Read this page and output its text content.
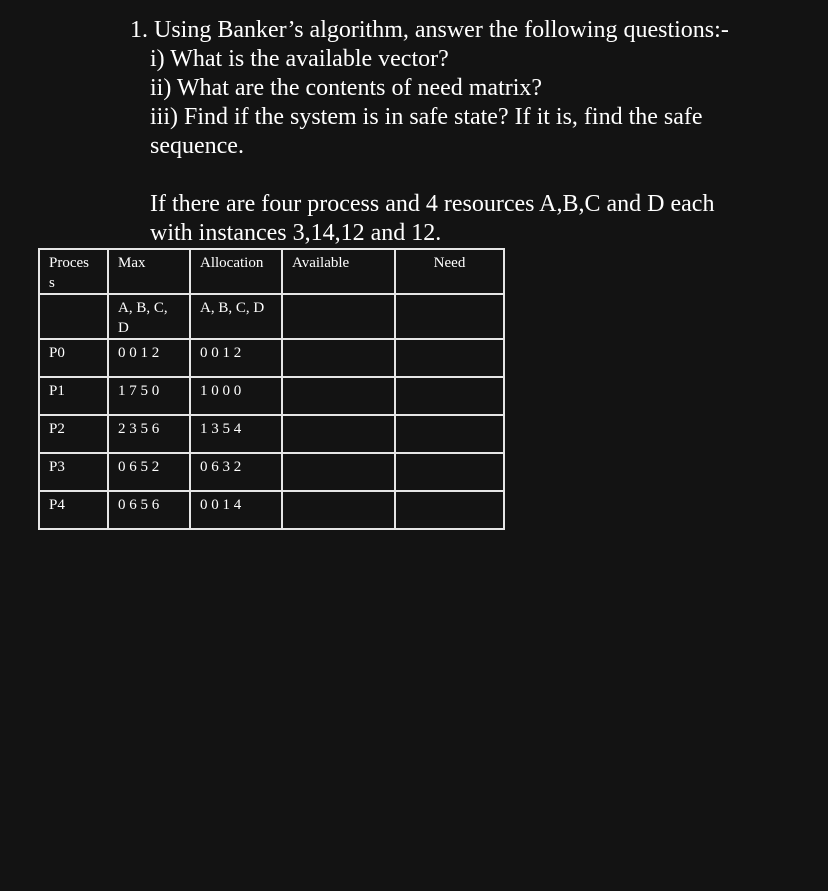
1. Using Banker’s algorithm, answer the following questions:-
i) What is the available vector?
ii) What are the contents of need matrix?
iii) Find if the system is in safe state? If it is, find the safe
sequence.
If there are four process and 4 resources A,B,C and D each
with instances 3,14,12 and 12.
Proces s	Max	Allocation	Available	Need
	A, B, C, D	A, B, C, D		
P0	0 0 1 2	0 0 1 2		
P1	1 7 5 0	1 0 0 0		
P2	2 3 5 6	1 3 5 4		
P3	0 6 5 2	0 6 3 2		
P4	0 6 5 6	0 0 1 4		
